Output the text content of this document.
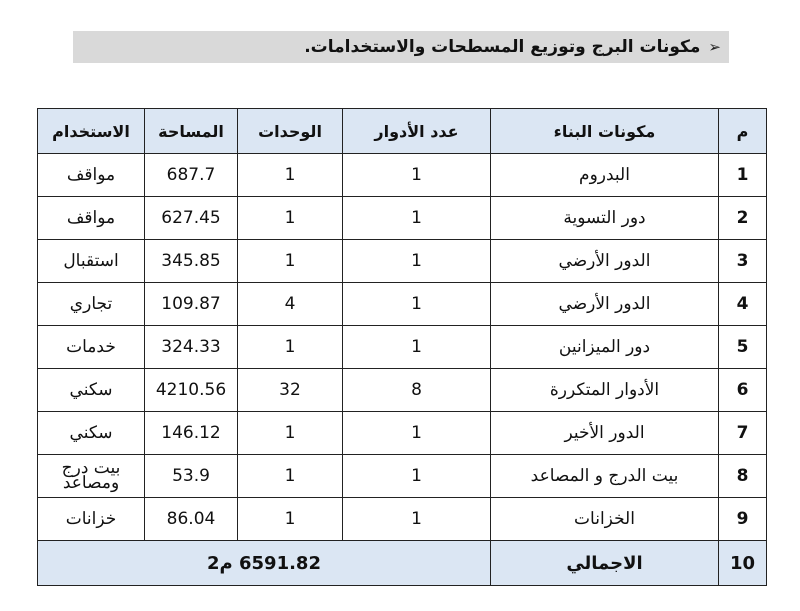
مكونات البرج وتوزيع المسطحات والاستخدامات. ➢
م	مكونات البناء	عدد الأدوار	الوحدات	المساحة	الاستخدام
1	البدروم	1	1	687.7	مواقف
2	دور التسوية	1	1	627.45	مواقف
3	الدور الأرضي	1	1	345.85	استقبال
4	الدور الأرضي	1	4	109.87	تجاري
5	دور الميزانين	1	1	324.33	خدمات
6	الأدوار المتكررة	8	32	4210.56	سكني
7	الدور الأخير	1	1	146.12	سكني
8	بيت الدرج و المصاعد	1	1	53.9	بيت درج ومصاعد
9	الخزانات	1	1	86.04	خزانات
10	الاجمالي	6591.82 م2			
